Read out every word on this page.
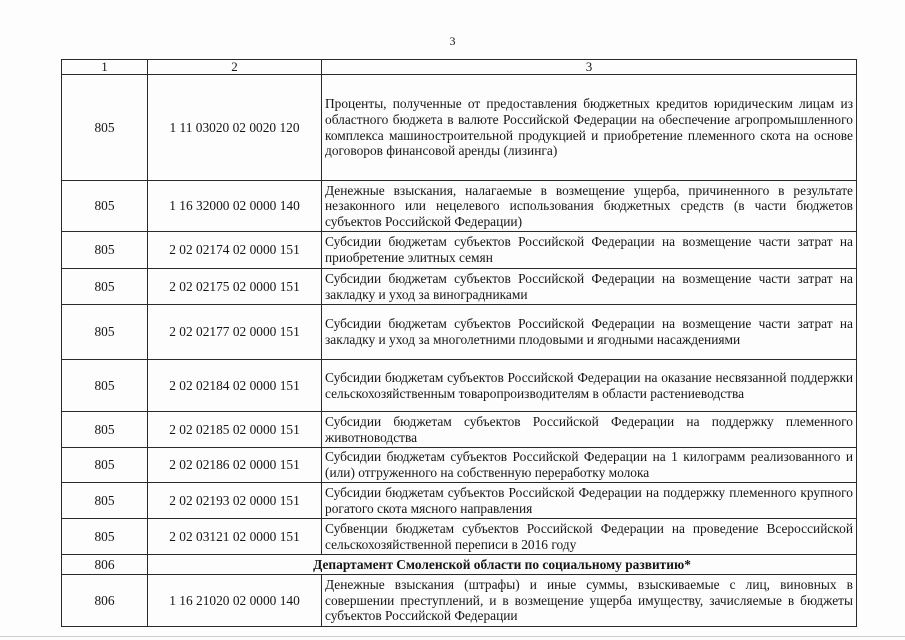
3
1	2	3
805	1 11 03020 02 0020 120	Проценты, полученные от предоставления бюджетных кредитов юридическим лицам из областного бюджета в валюте Российской Федерации на обеспечение агропромышленного комплекса машиностроительной продукцией и приобретение племенного скота на основе договоров финансовой аренды (лизинга)
805	1 16 32000 02 0000 140	Денежные взыскания, налагаемые в возмещение ущерба, причиненного в результате незаконного или нецелевого использования бюджетных средств (в части бюджетов субъектов Российской Федерации)
805	2 02 02174 02 0000 151	Субсидии бюджетам субъектов Российской Федерации на возмещение части затрат на приобретение элитных семян
805	2 02 02175 02 0000 151	Субсидии бюджетам субъектов Российской Федерации на возмещение части затрат на закладку и уход за виноградниками
805	2 02 02177 02 0000 151	Субсидии бюджетам субъектов Российской Федерации на возмещение части затрат на закладку и уход за многолетними плодовыми и ягодными насаждениями
805	2 02 02184 02 0000 151	Субсидии бюджетам субъектов Российской Федерации на оказание несвязанной поддержки сельскохозяйственным товаропроизводителям в области растениеводства
805	2 02 02185 02 0000 151	Субсидии бюджетам субъектов Российской Федерации на поддержку племенного животноводства
805	2 02 02186 02 0000 151	Субсидии бюджетам субъектов Российской Федерации на 1 килограмм реализованного и (или) отгруженного на собственную переработку молока
805	2 02 02193 02 0000 151	Субсидии бюджетам субъектов Российской Федерации на поддержку племенного крупного рогатого скота мясного направления
805	2 02 03121 02 0000 151	Субвенции бюджетам субъектов Российской Федерации на проведение Всероссийской сельскохозяйственной переписи в 2016 году
806	Департамент Смоленской области по социальному развитию*	
806	1 16 21020 02 0000 140	Денежные взыскания (штрафы) и иные суммы, взыскиваемые с лиц, виновных в совершении преступлений, и в возмещение ущерба имуществу, зачисляемые в бюджеты субъектов Российской Федерации
